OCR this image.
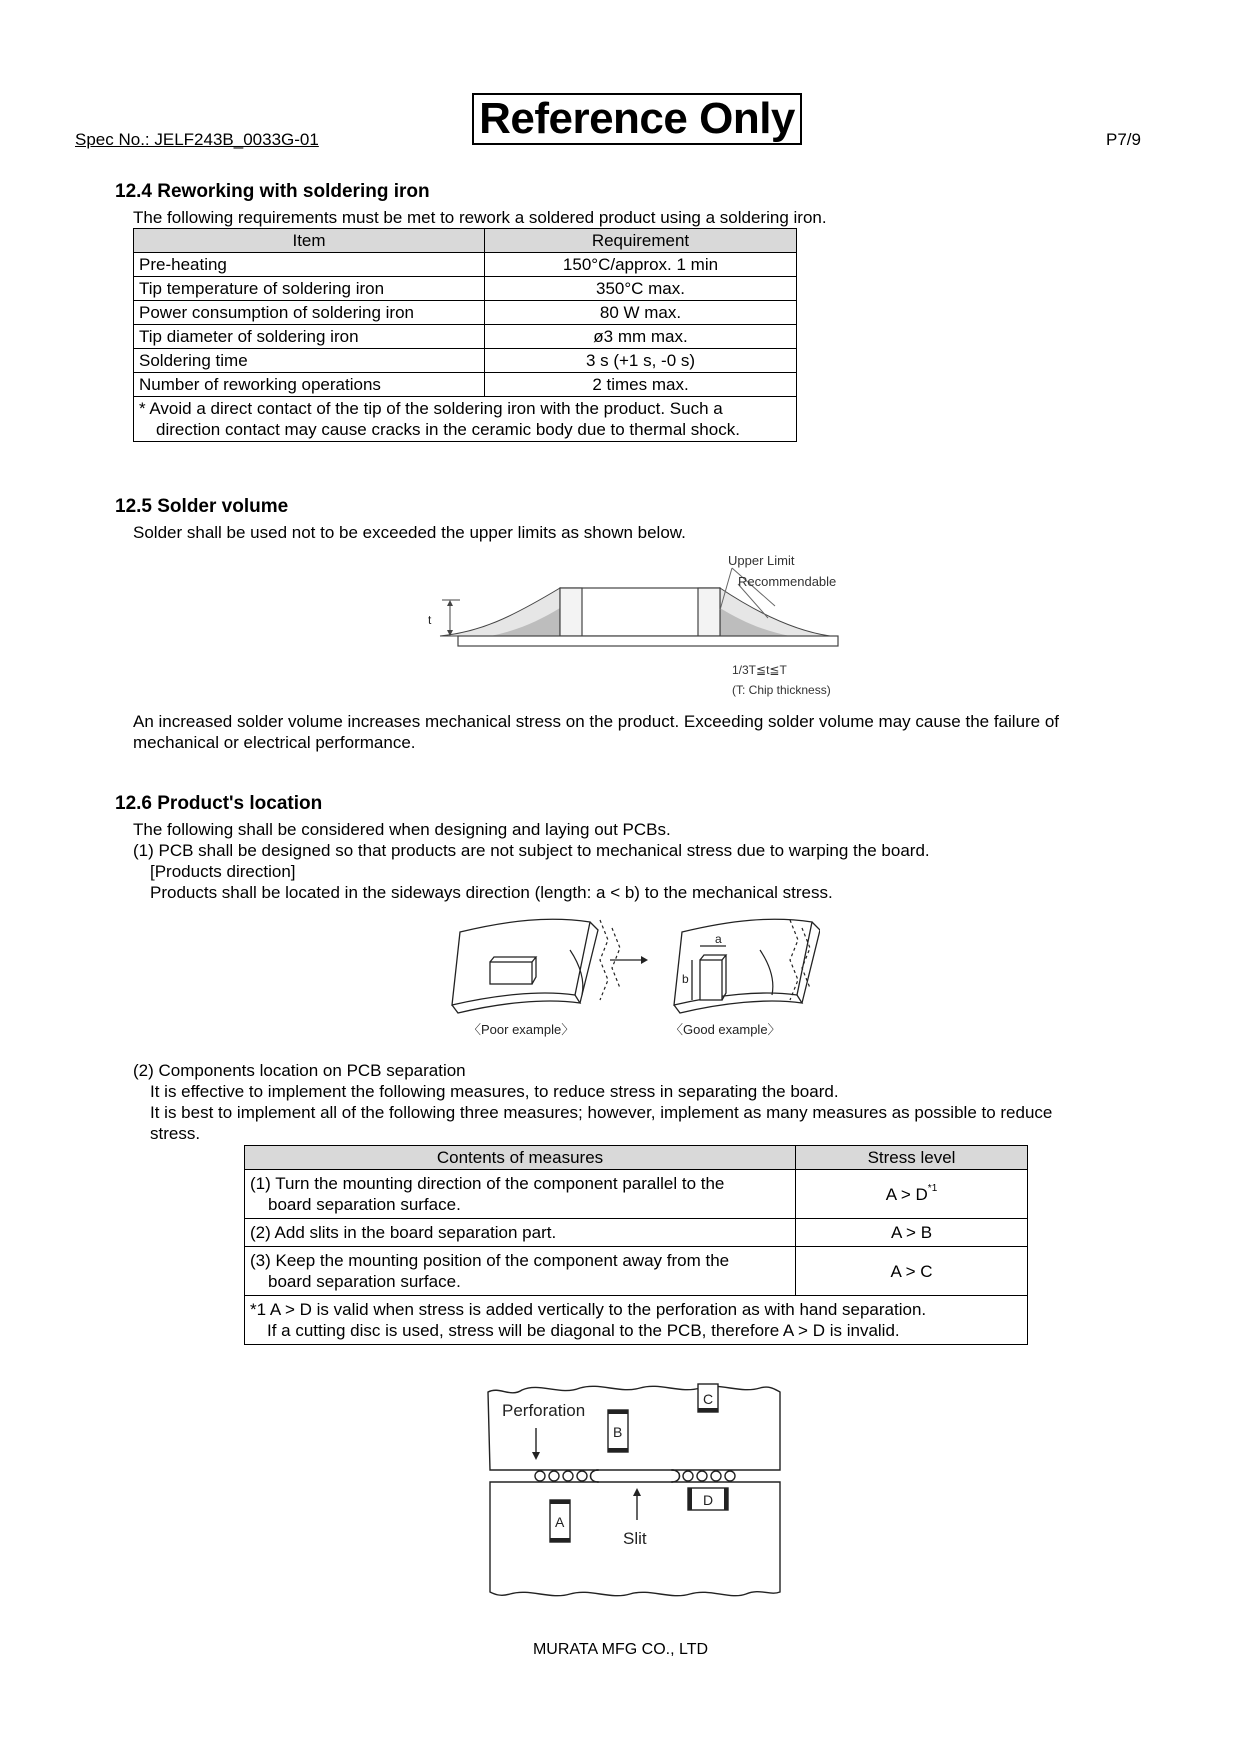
Spec No.: JELF243B_0033G-01	Reference Only	P7/9
12.4 Reworking with soldering iron
The following requirements must be met to rework a soldered product using a soldering iron.
Item	Requirement
Pre-heating	150°C/approx. 1 min
Tip temperature of soldering iron	350°C max.
Power consumption of soldering iron	80 W max.
Tip diameter of soldering iron	ø3 mm max.
Soldering time	3 s (+1 s, -0 s)
Number of reworking operations	2 times max.

* Avoid a direct contact of the tip of the soldering iron with the product. Such a
direction contact may cause cracks in the ceramic body due to thermal shock.	
12.5 Solder volume
Solder shall be used not to be exceeded the upper limits as shown below.
t
Upper Limit
Recommendable
1/3T≦t≦T
(T: Chip thickness)
An increased solder volume increases mechanical stress on the product. Exceeding solder volume may cause the failure of
mechanical or electrical performance.
12.6 Product's location
The following shall be considered when designing and laying out PCBs.
(1) PCB shall be designed so that products are not subject to mechanical stress due to warping the board.
[Products direction]
Products shall be located in the sideways direction (length: a < b) to the mechanical stress.
a
b
〈Poor example〉	〈Good example〉
(2) Components location on PCB separation
It is effective to implement the following measures, to reduce stress in separating the board.
It is best to implement all of the following three measures; however, implement as many measures as possible to reduce
stress.
Contents of measures	Stress level

(1) Turn the mounting direction of the component parallel to the
board separation surface.	$A > D^{*1}$
(2) Add slits in the board separation part.	A > B

(3) Keep the mounting position of the component away from the
board separation surface.	A > C

*1 A > D is valid when stress is added vertically to the perforation as with hand separation.
If a cutting disc is used, stress will be diagonal to the PCB, therefore A > D is invalid.	
Perforation
Slit
B
C
A
D
MURATA MFG CO., LTD
